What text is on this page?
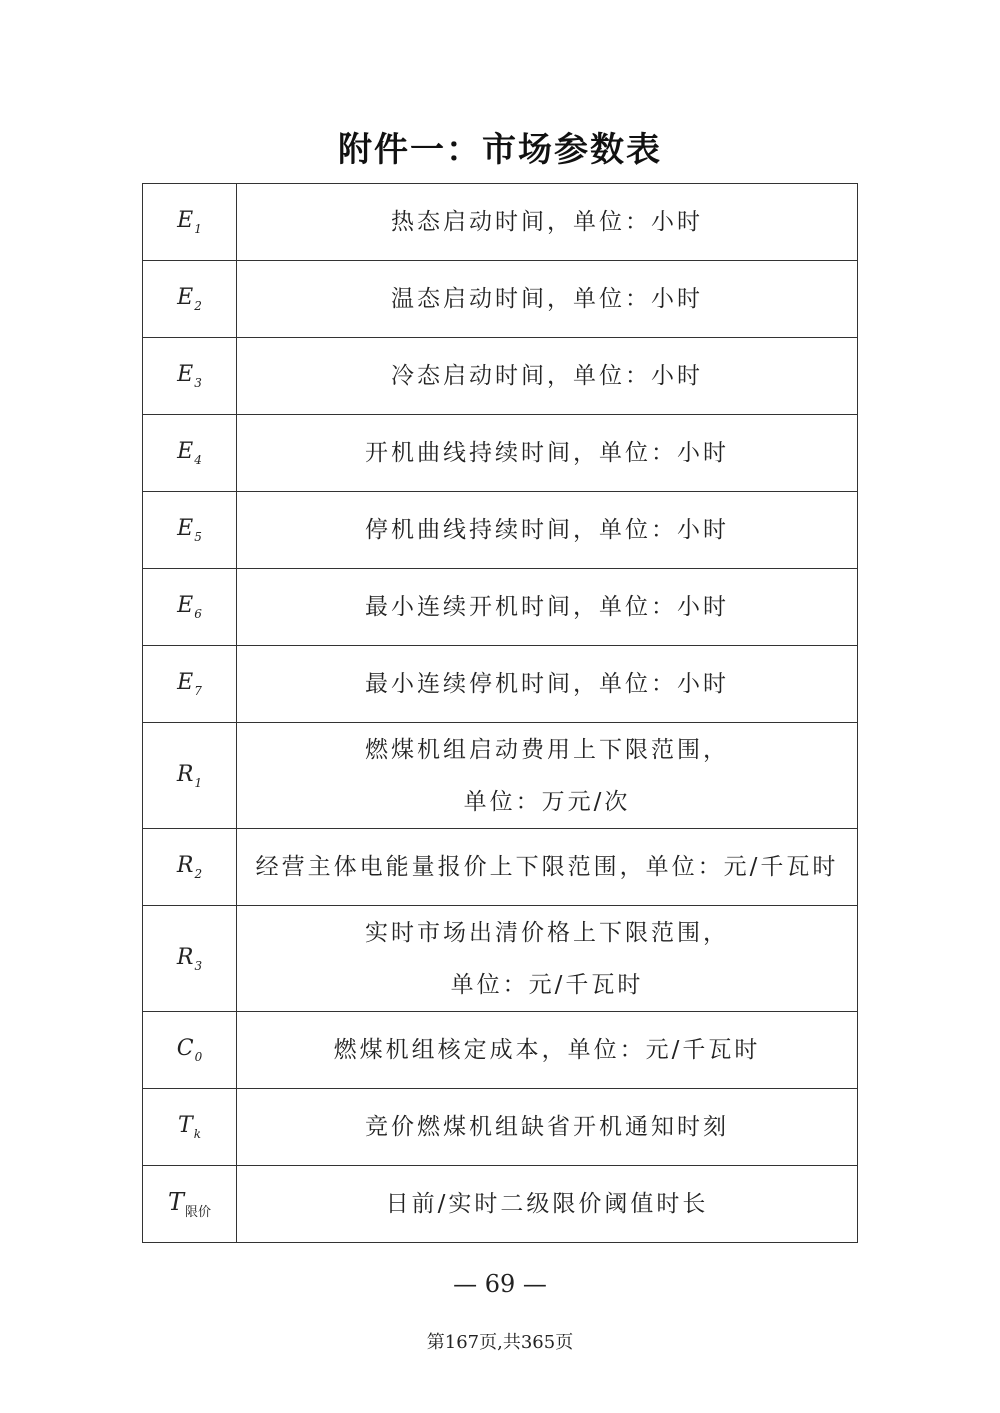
附件一：市场参数表
$E_1$	热态启动时间，单位：小时

$E_2$	温态启动时间，单位：小时

$E_3$	冷态启动时间，单位：小时

$E_4$	开机曲线持续时间，单位：小时

$E_5$	停机曲线持续时间，单位：小时

$E_6$	最小连续开机时间，单位：小时

$E_7$	最小连续停机时间，单位：小时

$R_1$	燃煤机组启动费用上下限范围，
单位：万元/次

$R_2$	经营主体电能量报价上下限范围，单位：元/千瓦时

$R_3$	实时市场出清价格上下限范围，
单位：元/千瓦时

$C_0$	燃煤机组核定成本，单位：元/千瓦时

$T_k$	竞价燃煤机组缺省开机通知时刻

$T_{限价}$	日前/实时二级限价阈值时长
— 69 —
第167页,共365页
